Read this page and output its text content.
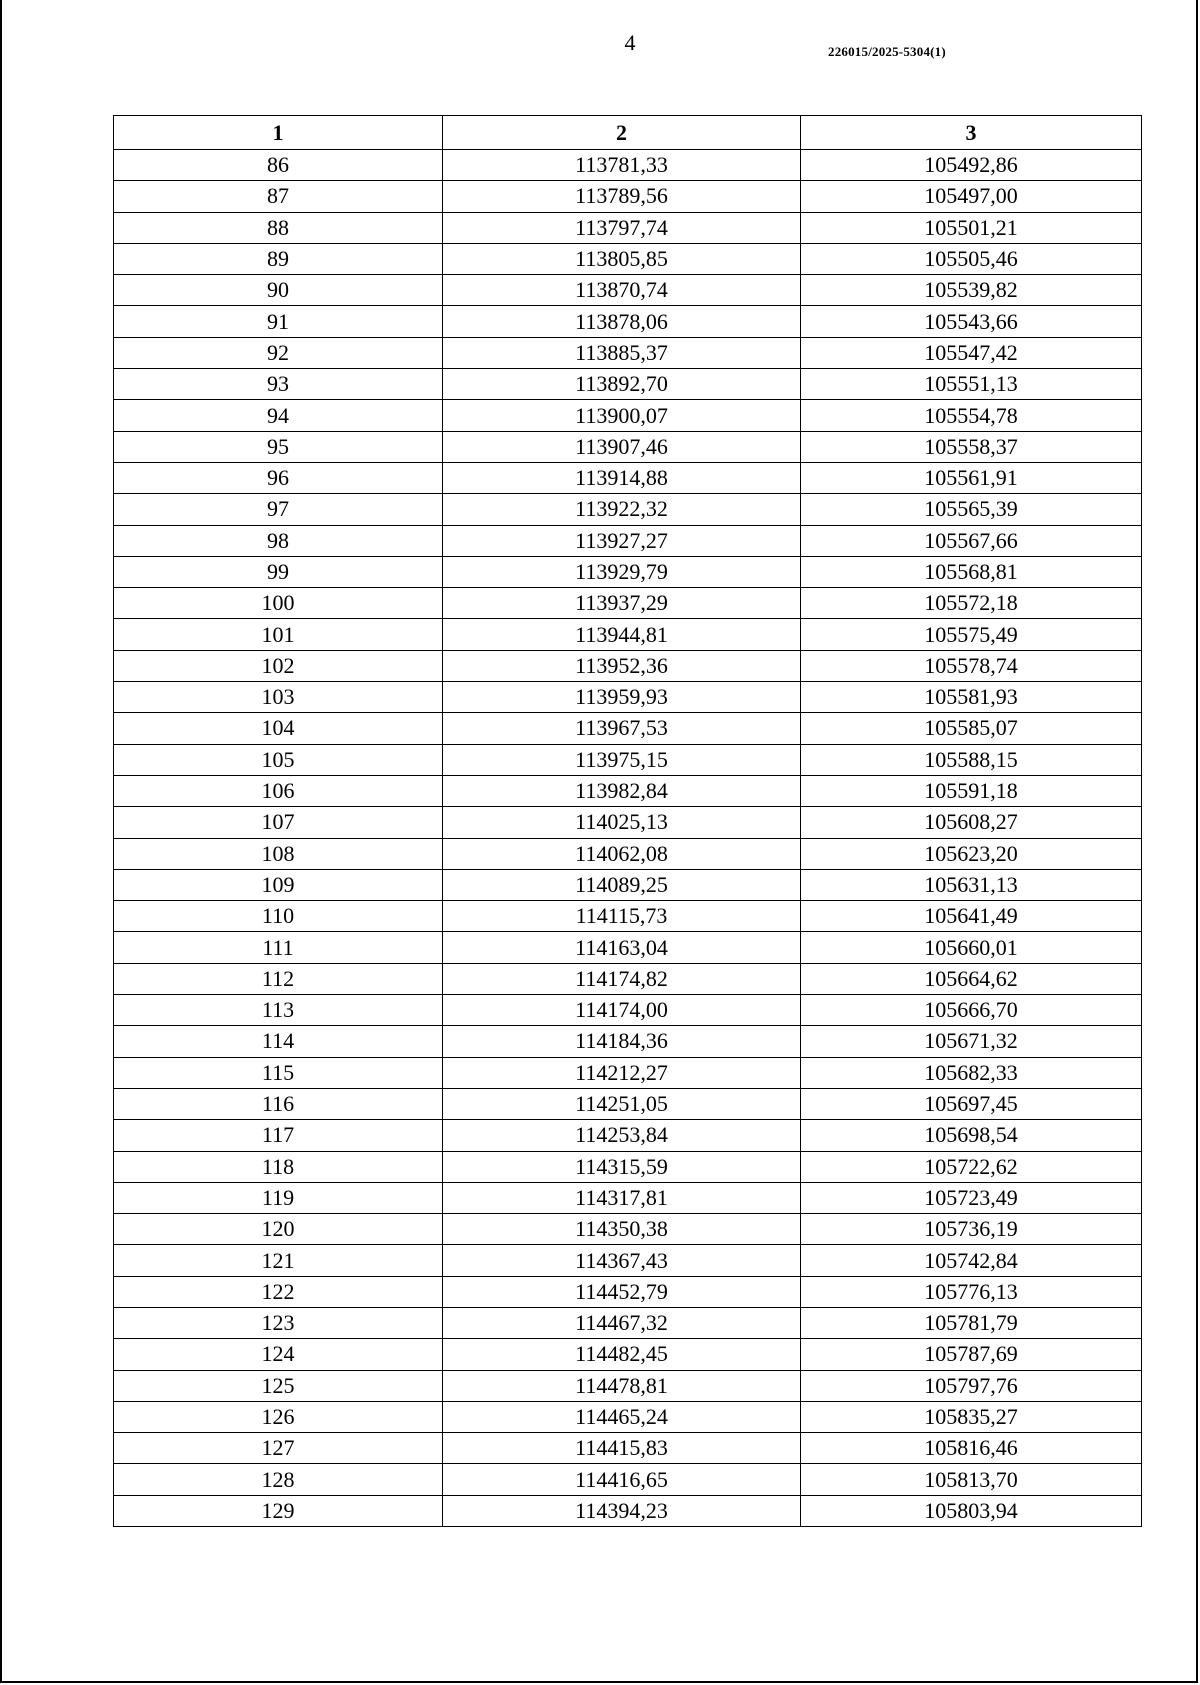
4	226015/2025-5304(1)
1	2	3
86	113781,33	105492,86
87	113789,56	105497,00
88	113797,74	105501,21
89	113805,85	105505,46
90	113870,74	105539,82
91	113878,06	105543,66
92	113885,37	105547,42
93	113892,70	105551,13
94	113900,07	105554,78
95	113907,46	105558,37
96	113914,88	105561,91
97	113922,32	105565,39
98	113927,27	105567,66
99	113929,79	105568,81
100	113937,29	105572,18
101	113944,81	105575,49
102	113952,36	105578,74
103	113959,93	105581,93
104	113967,53	105585,07
105	113975,15	105588,15
106	113982,84	105591,18
107	114025,13	105608,27
108	114062,08	105623,20
109	114089,25	105631,13
110	114115,73	105641,49
111	114163,04	105660,01
112	114174,82	105664,62
113	114174,00	105666,70
114	114184,36	105671,32
115	114212,27	105682,33
116	114251,05	105697,45
117	114253,84	105698,54
118	114315,59	105722,62
119	114317,81	105723,49
120	114350,38	105736,19
121	114367,43	105742,84
122	114452,79	105776,13
123	114467,32	105781,79
124	114482,45	105787,69
125	114478,81	105797,76
126	114465,24	105835,27
127	114415,83	105816,46
128	114416,65	105813,70
129	114394,23	105803,94
